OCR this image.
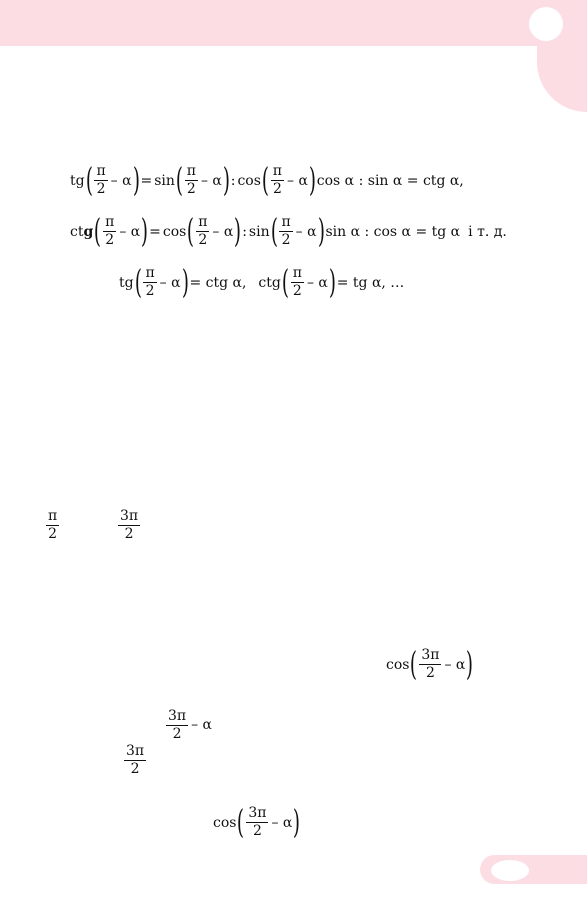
tg ( $\frac{\pi}{2}$ – α ) = sin ( $\frac{\pi}{2}$ – α ) : cos ( $\frac{\pi}{2}$ – α ) cos α : sin α = ctg α,
ctg ( $\frac{\pi}{2}$ – α ) = cos ( $\frac{\pi}{2}$ – α ) : sin ( $\frac{\pi}{2}$ – α ) sin α : cos α = tg α і т. д.
tg ( $\frac{\pi}{2}$ – α ) = ctg α, ctg ( $\frac{\pi}{2}$ – α ) = tg α, …
$\frac{\pi}{2}$	$\frac{3\pi}{2}$
cos ( $\frac{3\pi}{2}$ – α )
$\frac{3\pi}{2}$ – α
$\frac{3\pi}{2}$
cos ( $\frac{3\pi}{2}$ – α )
